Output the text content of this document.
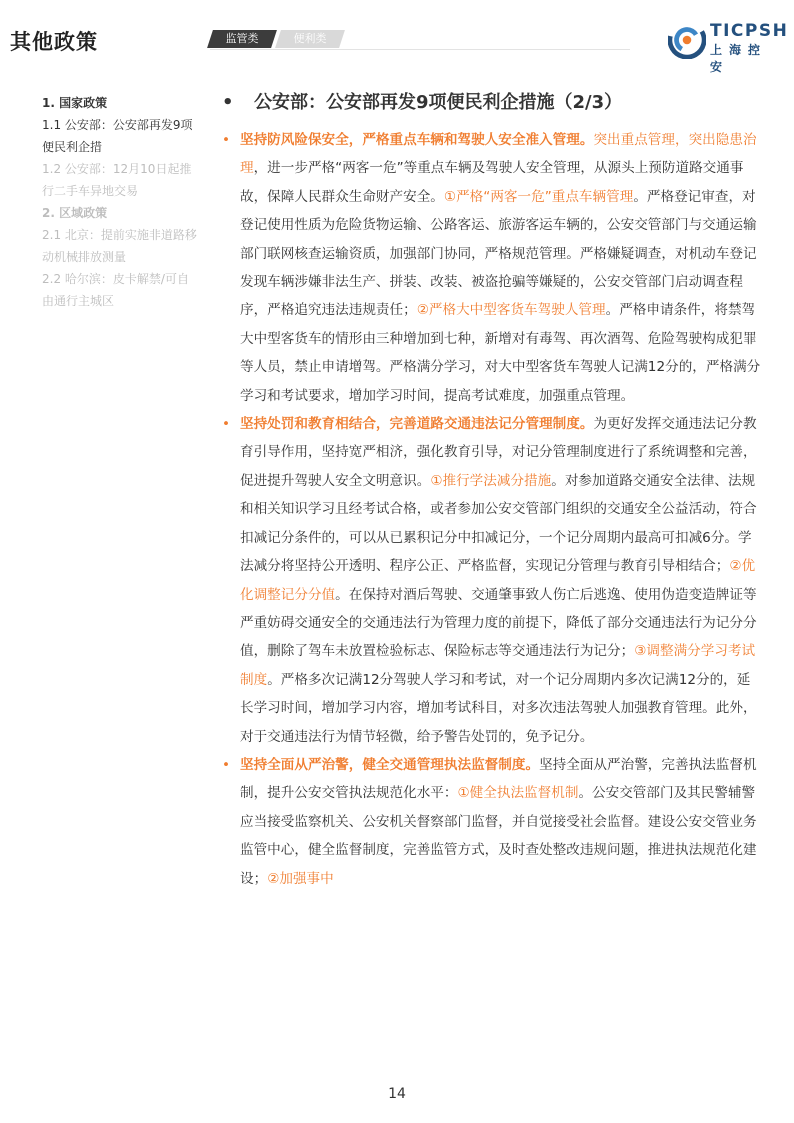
其他政策	监管类	便利类	TICPSH
上海控安

1. 国家政策

1.1 公安部：公安部再发9项便民利企措

1.2 公安部：12月10日起推行二手车异地交易

2. 区域政策

2.1 北京：提前实施非道路移动机械排放测量

2.2 哈尔滨：皮卡解禁/可自由通行主城区

• 公安部：公安部再发9项便民利企措施（2/3）
• 坚持防风险保安全，严格重点车辆和驾驶人安全准入管理。突出重点管理，突出隐患治理，进一步严格“两客一危”等重点车辆及驾驶人安全管理，从源头上预防道路交通事故，保障人民群众生命财产安全。①严格“两客一危”重点车辆管理。严格登记审查，对登记使用性质为危险货物运输、公路客运、旅游客运车辆的，公安交管部门与交通运输部门联网核查运输资质，加强部门协同，严格规范管理。严格嫌疑调查，对机动车登记发现车辆涉嫌非法生产、拼装、改装、被盗抢骗等嫌疑的，公安交管部门启动调查程序，严格追究违法违规责任；②严格大中型客货车驾驶人管理。严格申请条件，将禁驾大中型客货车的情形由三种增加到七种，新增对有毒驾、再次酒驾、危险驾驶构成犯罪等人员，禁止申请增驾。严格满分学习，对大中型客货车驾驶人记满12分的，严格满分学习和考试要求，增加学习时间，提高考试难度，加强重点管理。
• 坚持处罚和教育相结合，完善道路交通违法记分管理制度。为更好发挥交通违法记分教育引导作用，坚持宽严相济，强化教育引导，对记分管理制度进行了系统调整和完善，促进提升驾驶人安全文明意识。①推行学法减分措施。对参加道路交通安全法律、法规和相关知识学习且经考试合格，或者参加公安交管部门组织的交通安全公益活动，符合扣减记分条件的，可以从已累积记分中扣减记分，一个记分周期内最高可扣减6分。学法减分将坚持公开透明、程序公正、严格监督，实现记分管理与教育引导相结合；②优化调整记分分值。在保持对酒后驾驶、交通肇事致人伤亡后逃逸、使用伪造变造牌证等严重妨碍交通安全的交通违法行为管理力度的前提下，降低了部分交通违法行为记分分值，删除了驾车未放置检验标志、保险标志等交通违法行为记分；③调整满分学习考试制度。严格多次记满12分驾驶人学习和考试，对一个记分周期内多次记满12分的，延长学习时间，增加学习内容，增加考试科目，对多次违法驾驶人加强教育管理。此外，对于交通违法行为情节轻微，给予警告处罚的，免予记分。
• 坚持全面从严治警，健全交通管理执法监督制度。坚持全面从严治警，完善执法监督机制，提升公安交管执法规范化水平：①健全执法监督机制。公安交管部门及其民警辅警应当接受监察机关、公安机关督察部门监督，并自觉接受社会监督。建设公安交管业务监管中心，健全监督制度，完善监管方式，及时查处整改违规问题，推进执法规范化建设；②加强事中
14
